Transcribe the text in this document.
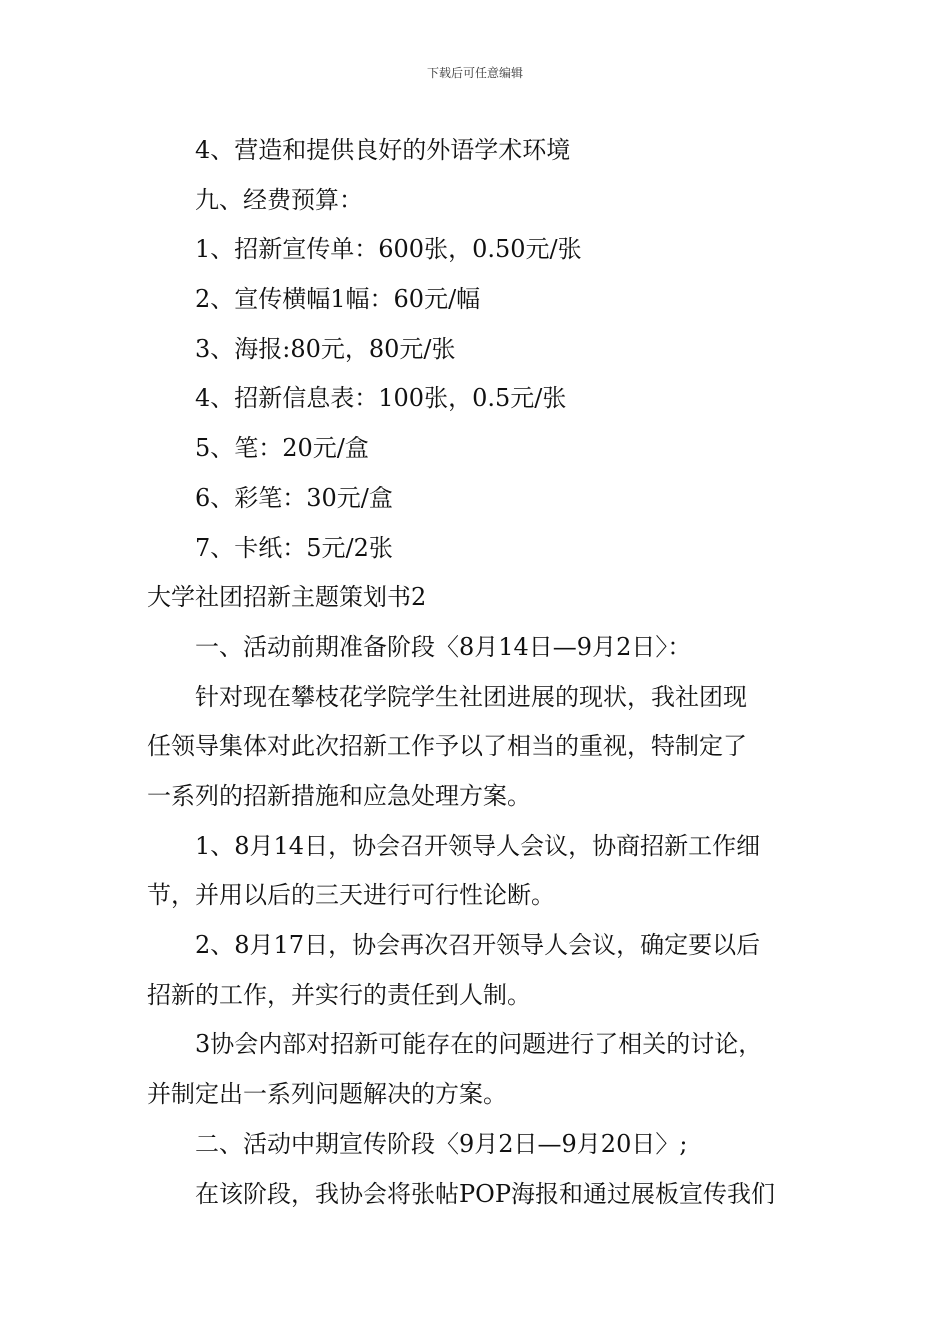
下载后可任意编辑
4、营造和提供良好的外语学术环境
九、经费预算：
1、招新宣传单：600张，0.50元/张
2、宣传横幅1幅：60元/幅
3、海报:80元，80元/张
4、招新信息表：100张，0.5元/张
5、笔：20元/盒
6、彩笔：30元/盒
7、卡纸：5元/2张
大学社团招新主题策划书2
一、活动前期准备阶段〈8月14日—9月2日〉：
针对现在攀枝花学院学生社团进展的现状，我社团现
任领导集体对此次招新工作予以了相当的重视，特制定了
一系列的招新措施和应急处理方案。
1、8月14日，协会召开领导人会议，协商招新工作细
节，并用以后的三天进行可行性论断。
2、8月17日，协会再次召开领导人会议，确定要以后
招新的工作，并实行的责任到人制。
3协会内部对招新可能存在的问题进行了相关的讨论，
并制定出一系列问题解决的方案。
二、活动中期宣传阶段〈9月2日—9月20日〉;
在该阶段，我协会将张帖POP海报和通过展板宣传我们
